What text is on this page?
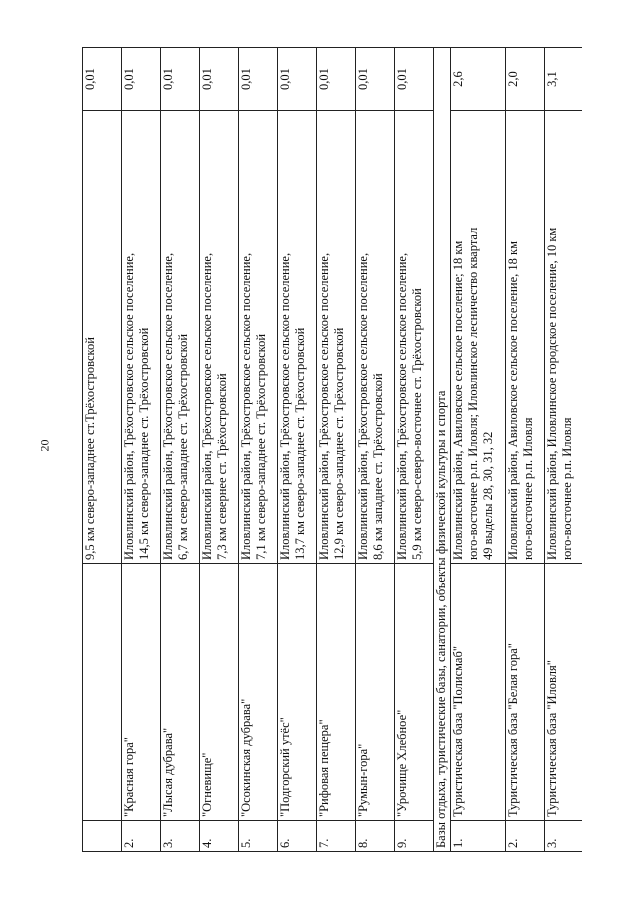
20
			9,5 км северо-западнее ст.Трёхостровской	0,01
2.	"Красная гора"	Иловлинский район, Трёхостровское сельское поселение, 14,5 км северо-западнее ст. Трёхостровской	0,01
3.	"Лысая дубрава"	Иловлинский район, Трёхостровское сельское поселение, 6,7 км северо-западнее ст. Трёхостровской	0,01
4.	"Огневище"	Иловлинский район, Трёхостровское сельское поселение, 7,3 км севернее ст. Трёхостровской	0,01
5.	"Осокинская дубрава"	Иловлинский район, Трёхостровское сельское поселение, 7,1 км северо-западнее ст. Трёхостровской	0,01
6.	"Подгорский утёс"	Иловлинский район, Трёхостровское сельское поселение, 13,7 км северо-западнее ст. Трёхостровской	0,01
7.	"Рифовая пещера"	Иловлинский район, Трёхостровское сельское поселение, 12,9 км северо-западнее ст. Трёхостровской	0,01
8.	"Румын-гора"	Иловлинский район, Трёхостровское сельское поселение, 8,6 км западнее ст. Трёхостровской	0,01
9.	"Урочище Хлебное"	Иловлинский район, Трёхостровское сельское поселение, 5,9 км северо-северо-восточнее ст. Трёхостровской	0,01
Базы отдыха, туристические базы, санатории, объекты физической культуры и спорта			
1.	Туристическая база "Полисмаб"	Иловлинский район, Авиловское сельское поселение; 18 км юго-восточнее р.п. Иловля; Иловлинское лесничество квартал 49 выделы 28, 30, 31, 32	2,6
2.	Туристическая база "Белая гора"	Иловлинский район, Авиловское сельское поселение, 18 км юго-восточнее р.п. Иловля	2,0
3.	Туристическая база "Иловля"	Иловлинский район, Иловлинское городское поселение, 10 км юго-восточнее р.п. Иловля	3,1
